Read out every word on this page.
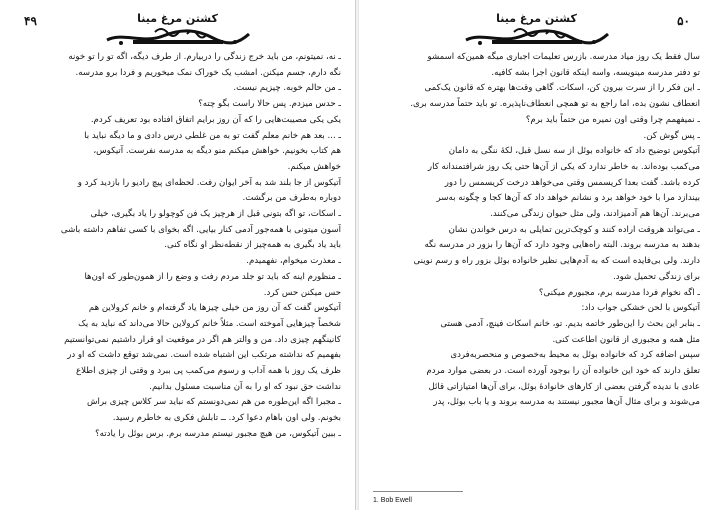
۴۹	کشتن مرغ مینا
ـ نه، نمیتونم، من باید خرج زندگی را دربیارم. از طرف دیگه، اگه تو را تو خونه
نگه دارم، جسم میکنن. امشب یک خوراک نمک میخوریم و فردا برو مدرسه.
ـ من حالم خوبه. چیزیم نیست.
ـ حدس میزدم. پس حالا راست بگو چته؟
یکی یکی مصیبت‌هایی را که آن روز برایم اتفاق افتاده بود تعریف کردم.
ـ ... بعد هم خانم معلم گفت تو به من غلطی درس دادی و ما دیگه نباید با
هم کتاب بخونیم. خواهش میکنم منو دیگه به مدرسه نفرست. آتیکوس،
خواهش میکنم.
آتیکوس از جا بلند شد به آخر ایوان رفت. لحظه‌ای پیچ رادیو را بازدید کرد و
دوباره به‌طرف من برگشت.
ـ اسکات، تو اگه بتونی قبل از هرچیز یک فن کوچولو را یاد بگیری، خیلی
آسون میتونی با همه‌جور آدمی کنار بیایی. اگه بخوای با کسی تفاهم داشته باشی
باید یاد بگیری به همه‌چیز از نقطه‌نظر او نگاه کنی.
ـ معذرت میخوام، نفهمیدم.
ـ منظورم اینه که باید تو جلد مردم رفت و وضع را از همون‌طور که اون‌ها
حس میکنن حس کرد.
آتیکوس گفت که آن روز من خیلی چیزها یاد گرفته‌ام و خانم کرولاین هم
شخصاً چیزهایی آموخته است. مثلاً خانم کرولاین حالا می‌داند که نباید به یک
کانینگهم چیزی داد. من و والتر هم اگر در موقعیت او قرار داشتیم نمی‌توانستیم
بفهمیم که نداشته مرتکب این اشتباه شده است. نمی‌شد توقع داشت که او در
ظرف یک روز با همه آداب و رسوم می‌کمب پی ببرد و وقتی از چیزی اطلاع
نداشت حق نبود که او را به آن مناسبت مسئول بدانیم.
ـ مجبرا اگه این‌طوره من هم نمی‌دونستم که نباید سر کلاس چیزی براش
بخونم. ولی اون باهام دعوا کرد. ــ تابلش فکری به خاطرم رسید.
ـ ببین آتیکوس، من هیچ مجبور نیستم مدرسه برم. برس بوئل را یادته؟
۵۰
کشتن مرغ مینا
سال فقط یک روز میاد مدرسه. بازرس تعلیمات اجباری میگه همین‌که اسمشو
تو دفتر مدرسه مینویسه، واسه اینکه قانون اجرا بشه کافیه.
ـ این فکر را از سرت بیرون کن، اسکات. گاهی وقت‌ها بهتره که قانون یک‌کمی
انعطاف نشون بده، اما راجع به تو همچی انعطاف‌ناپذیره. تو باید حتماً مدرسه بری.
ـ نمیفهمم چرا وقتی اون نمیره من حتماً باید برم؟
ـ پس گوش کن.
آتیکوس توضیح داد که خانواده بوئل از سه نسل قبل، لکهٔ ننگی به دامان
می‌کمب بوده‌اند. به خاطر ندارد که یکی از آن‌ها حتی یک روز شرافتمندانه کار
کرده باشد. گفت بعدا کریسمس وقتی می‌خواهد درخت کریسمس را دور
بیندازد مرا با خود خواهد برد و نشانم خواهد داد که آن‌ها کجا و چگونه به‌سر
می‌برند. آن‌ها هم آدمیزادند، ولی مثل حیوان زندگی می‌کنند.
ـ می‌تواند هروقت اراده کنند و کوچک‌ترین تمایلی به درس خواندن نشان
بدهند به مدرسه بروند. البته راه‌هایی وجود دارد که آن‌ها را بزور در مدرسه نگه
دارند. ولی بی‌فایده است که به آدم‌هایی نظیر خانواده بوئل بزور راه و رسم نوینی
برای زندگی تحمیل شود.
ـ اگه نخوام فردا مدرسه برم، مجبورم میکنی؟
آتیکوس با لحن خشکی جواب داد:
ـ بنابر این بحث را این‌طور خاتمه بدیم. تو، خانم اسکات فینچ، آدمی هستی
مثل همه و مجبوری از قانون اطاعت کنی.
سپس اضافه کرد که خانواده بوئل به محیط به‌خصوص و منحصربه‌فردی
تعلق دارند که خود این خانواده آن را بوجود آورده است. در بعضی موارد مردم
عادی با ندیده گرفتن بعضی از کارهای خانوادهٔ بوئل، برای آن‌ها امتیازاتی قائل
می‌شوند و برای مثال آن‌ها مجبور نیستند به مدرسه بروند و یا باب بوئل، پدر
1. Bob Ewell
